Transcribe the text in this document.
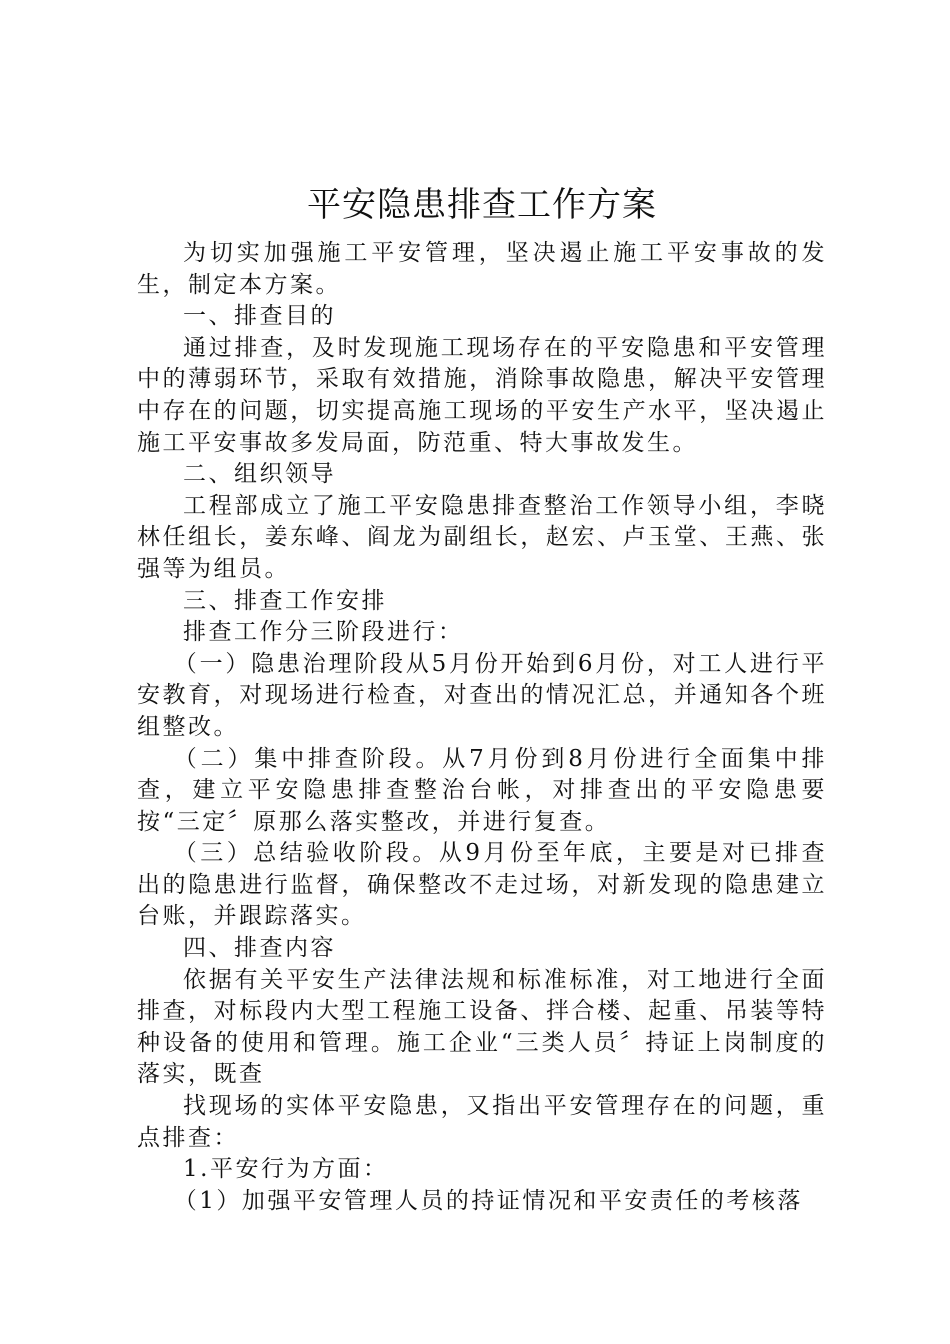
平安隐患排查工作方案

为切实加强施工平安管理，坚决遏止施工平安事故的发生，制定本方案。

一、排查目的

通过排查，及时发现施工现场存在的平安隐患和平安管理中的薄弱环节，采取有效措施，消除事故隐患，解决平安管理中存在的问题，切实提高施工现场的平安生产水平，坚决遏止施工平安事故多发局面，防范重、特大事故发生。

二、组织领导

工程部成立了施工平安隐患排查整治工作领导小组，李晓林任组长，姜东峰、阎龙为副组长，赵宏、卢玉堂、王燕、张强等为组员。

三、排查工作安排

排查工作分三阶段进行：

（一）隐患治理阶段从5月份开始到6月份，对工人进行平安教育，对现场进行检查，对查出的情况汇总，并通知各个班组整改。

（二）集中排查阶段。从7月份到8月份进行全面集中排查，建立平安隐患排查整治台帐，对排查出的平安隐患要按“三定〞原那么落实整改，并进行复查。

（三）总结验收阶段。从9月份至年底，主要是对已排查出的隐患进行监督，确保整改不走过场，对新发现的隐患建立台账，并跟踪落实。

四、排查内容

依据有关平安生产法律法规和标准标准，对工地进行全面排查，对标段内大型工程施工设备、拌合楼、起重、吊装等特种设备的使用和管理。施工企业“三类人员〞持证上岗制度的落实，既查

找现场的实体平安隐患，又指出平安管理存在的问题，重点排查：

1.平安行为方面：

（1）加强平安管理人员的持证情况和平安责任的考核落
